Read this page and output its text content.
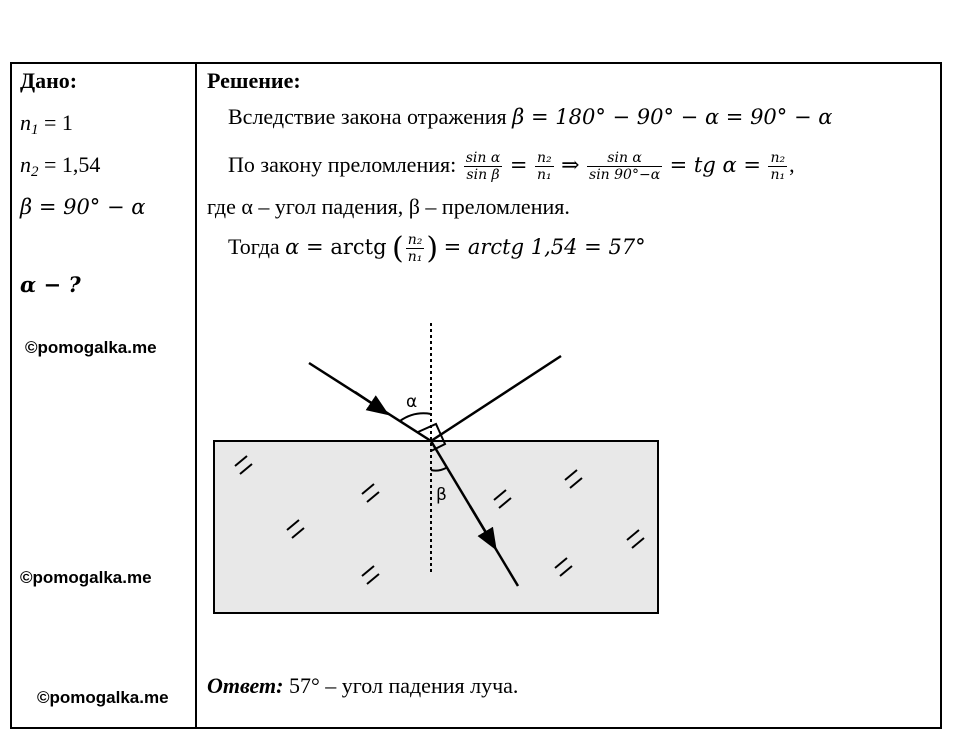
Дано:
$n_1 = 1$
$n_2 = 1,54$
β = 90° − α
α − ?
©pomogalka.me
©pomogalka.me
©pomogalka.me
Решение:
Вследствие закона отражения β = 180° − 90° − α = 90° − α
По закону преломления: $\frac{\text{sin α}}{\text{sin β}} = \frac{\text{n₂}}{\text{n₁}}$ ⇒ $\frac{\text{sin α}}{\sin 90^\circ-\alpha}$ = tg $\alpha = \frac{\text{n₂}}{\text{n₁}}$ ,
где α – угол падения, β – преломления.
Тогда α = arctg ( $\frac{\text{n₂}}{\text{n₁}}$ ) = arctg 1,54 = 57°
Ответ: 57° – угол падения луча.
α
β
